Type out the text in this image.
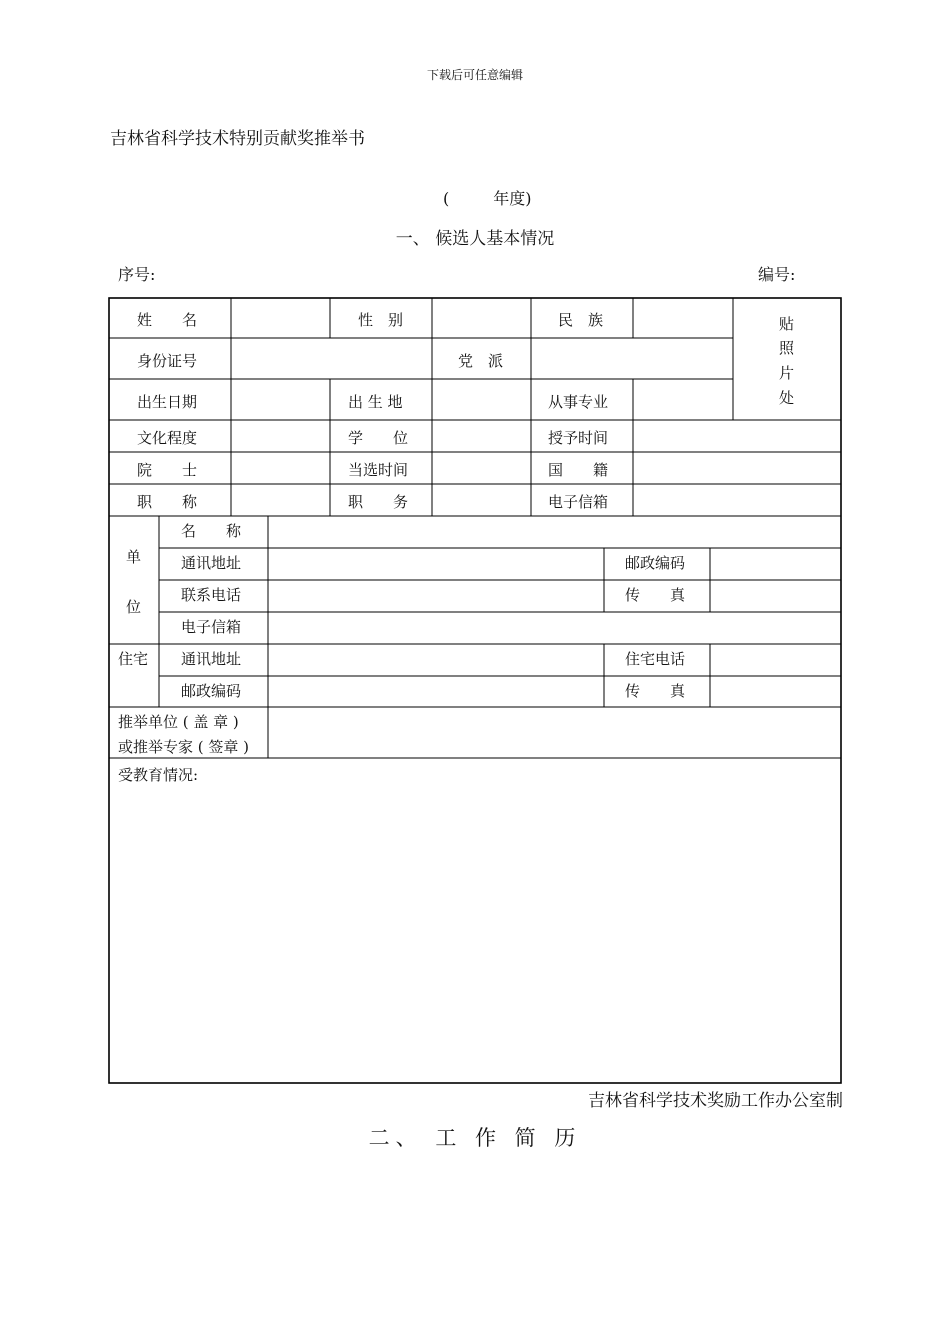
下载后可任意编辑
吉林省科学技术特别贡献奖推举书
(	年度)
一、 候选人基本情况
序号:	编号:
姓　　名	性　别	民　族	贴
照
片
处
身份证号	党　派
出生日期	出 生 地	从事专业
文化程度	学　　位	授予时间
院　　士	当选时间	国　　籍
职　　称	职　　务	电子信箱
单
位
名　　称
通讯地址	邮政编码
联系电话	传　　真
电子信箱
住宅 通讯地址	住宅电话
邮政编码	传　　真
推举单位 ( 盖 章 )
或推举专家 ( 签章 )
受教育情况:
吉林省科学技术奖励工作办公室制
二、 工 作 简 历
